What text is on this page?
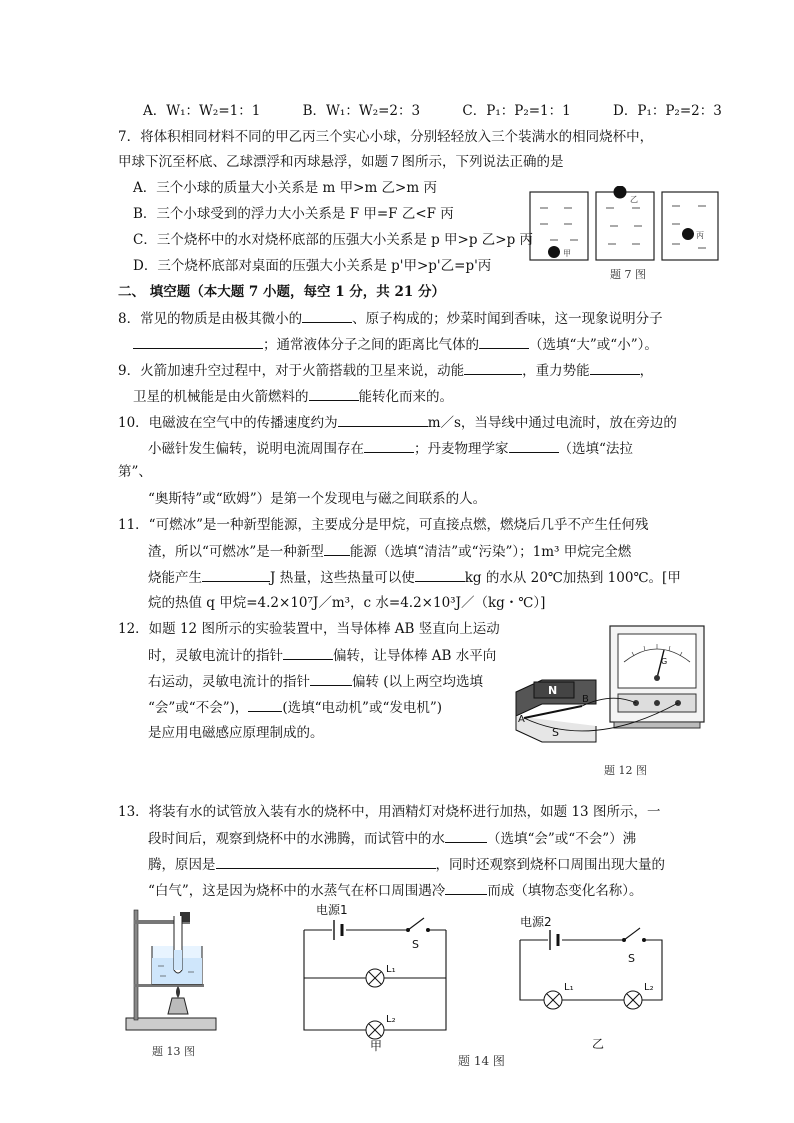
A．W₁：W₂=1：1	B．W₁：W₂=2：3	C．P₁：P₂=1：1	D．P₁：P₂=2：3
7．将体积相同材料不同的甲乙丙三个实心小球，分别轻轻放入三个装满水的相同烧杯中，
甲球下沉至杯底、乙球漂浮和丙球悬浮，如题７图所示，下列说法正确的是
A．三个小球的质量大小关系是 m 甲>m 乙>m 丙
B．三个小球受到的浮力大小关系是 F 甲=F 乙<F 丙
C．三个烧杯中的水对烧杯底部的压强大小关系是 p 甲>p 乙>p 丙
D．三个烧杯底部对桌面的压强大小关系是 p'甲>p'乙=p'丙
甲
乙
丙
题 7 图
二、 填空题（本大题 7 小题，每空 1 分，共 21 分）
8．常见的物质是由极其微小的	、原子构成的；炒菜时闻到香味，这一现象说明分子
；通常液体分子之间的距离比气体的	（选填“大”或“小”）。
9．火箭加速升空过程中，对于火箭搭载的卫星来说，动能	，重力势能	，
卫星的机械能是由火箭燃料的	能转化而来的。
10．电磁波在空气中的传播速度约为	m／s，当导线中通过电流时，放在旁边的
小磁针发生偏转，说明电流周围存在	；丹麦物理学家	（选填“法拉
第”、
“奥斯特”或“欧姆”）是第一个发现电与磁之间联系的人。
11．“可燃冰”是一种新型能源，主要成分是甲烷，可直接点燃，燃烧后几乎不产生任何残
渣，所以“可燃冰”是一种新型 能源（选填“清洁”或“污染”）；1m³ 甲烷完全燃
烧能产生	J 热量，这些热量可以使	kg 的水从 20℃加热到 100℃。[甲
烷的热值 q 甲烷=4.2×10⁷J／m³，c 水=4.2×10³J／（kg・℃）]
12．如题 12 图所示的实验装置中，当导体棒 AB 竖直向上运动
时，灵敏电流计的指针	偏转，让导体棒 AB 水平向
右运动，灵敏电流计的指针	偏转 (以上两空均选填
“会”或“不会”)，	(选填“电动机”或“发电机”)
是应用电磁感应原理制成的。
G
N
S
A
B
题 12 图
13．将装有水的试管放入装有水的烧杯中，用酒精灯对烧杯进行加热，如题 13 图所示，一
段时间后，观察到烧杯中的水沸腾，而试管中的水	（选填“会”或“不会”）沸
腾，原因是	，同时还观察到烧杯口周围出现大量的
“白气”，这是因为烧杯中的水蒸气在杯口周围遇冷	而成（填物态变化名称）。
题 13 图
电源1
S
L₁
L₂
甲
电源2
S
L₁	L₂
乙
题 14 图
